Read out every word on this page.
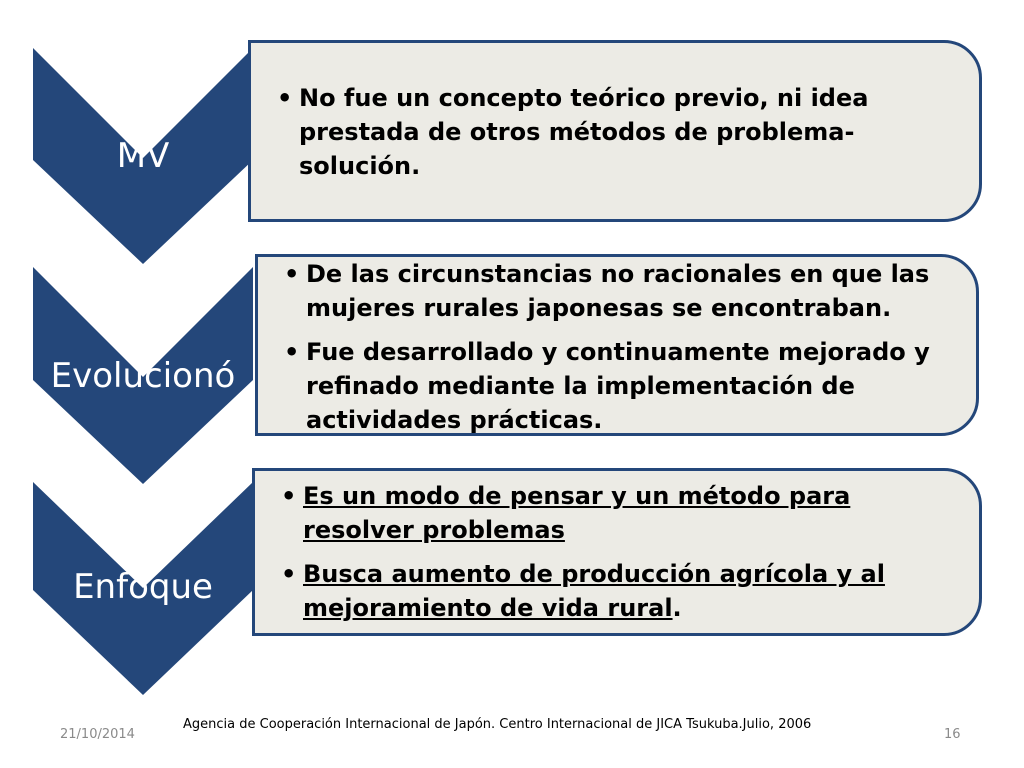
MV
Evolucionó
Enfoque
• No fue un concepto teórico previo, ni idea prestada de otros métodos de problema-solución.
• De las circunstancias no racionales en que las mujeres rurales japonesas se encontraban.
• Fue desarrollado y continuamente mejorado y refinado mediante la implementación de actividades prácticas.
• Es un modo de pensar y un método para resolver problemas
• Busca aumento de producción agrícola y al mejoramiento de vida rural.
21/10/2014
Agencia de Cooperación Internacional de Japón. Centro Internacional de JICA Tsukuba.Julio, 2006
16
